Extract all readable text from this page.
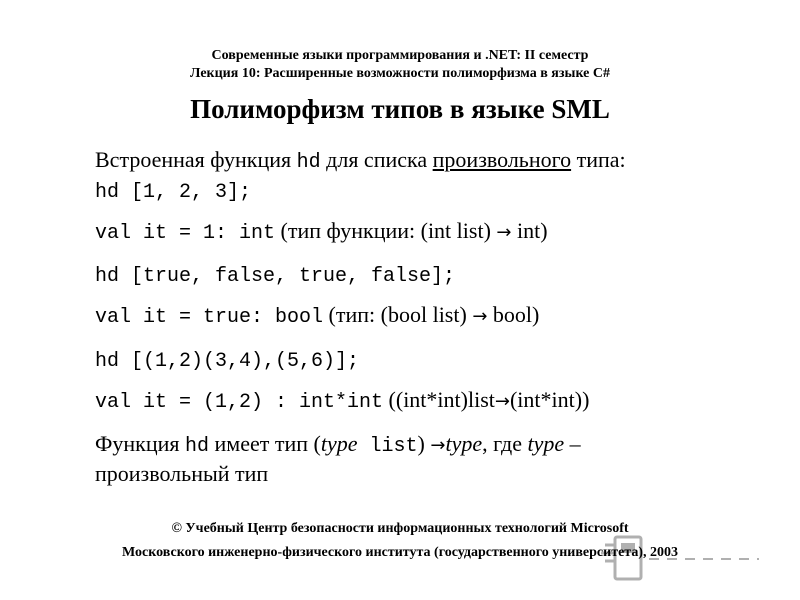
Современные языки программирования и .NET: II семестр
Лекция 10: Расширенные возможности полиморфизма в языке C#
Полиморфизм типов в языке SML
Встроенная функция hd для списка произвольного типа:
hd [1, 2, 3];
val it = 1: int (тип функции: (int list) → int)
hd [true, false, true, false];
val it = true: bool (тип: (bool list) → bool)
hd [(1,2)(3,4),(5,6)];
val it = (1,2) : int*int ((int*int)list→(int*int))
Функция hd имеет тип (type list) →type, где type –
произвольный тип
© Учебный Центр безопасности информационных технологий Microsoft
Московского инженерно-физического института (государственного университета), 2003
